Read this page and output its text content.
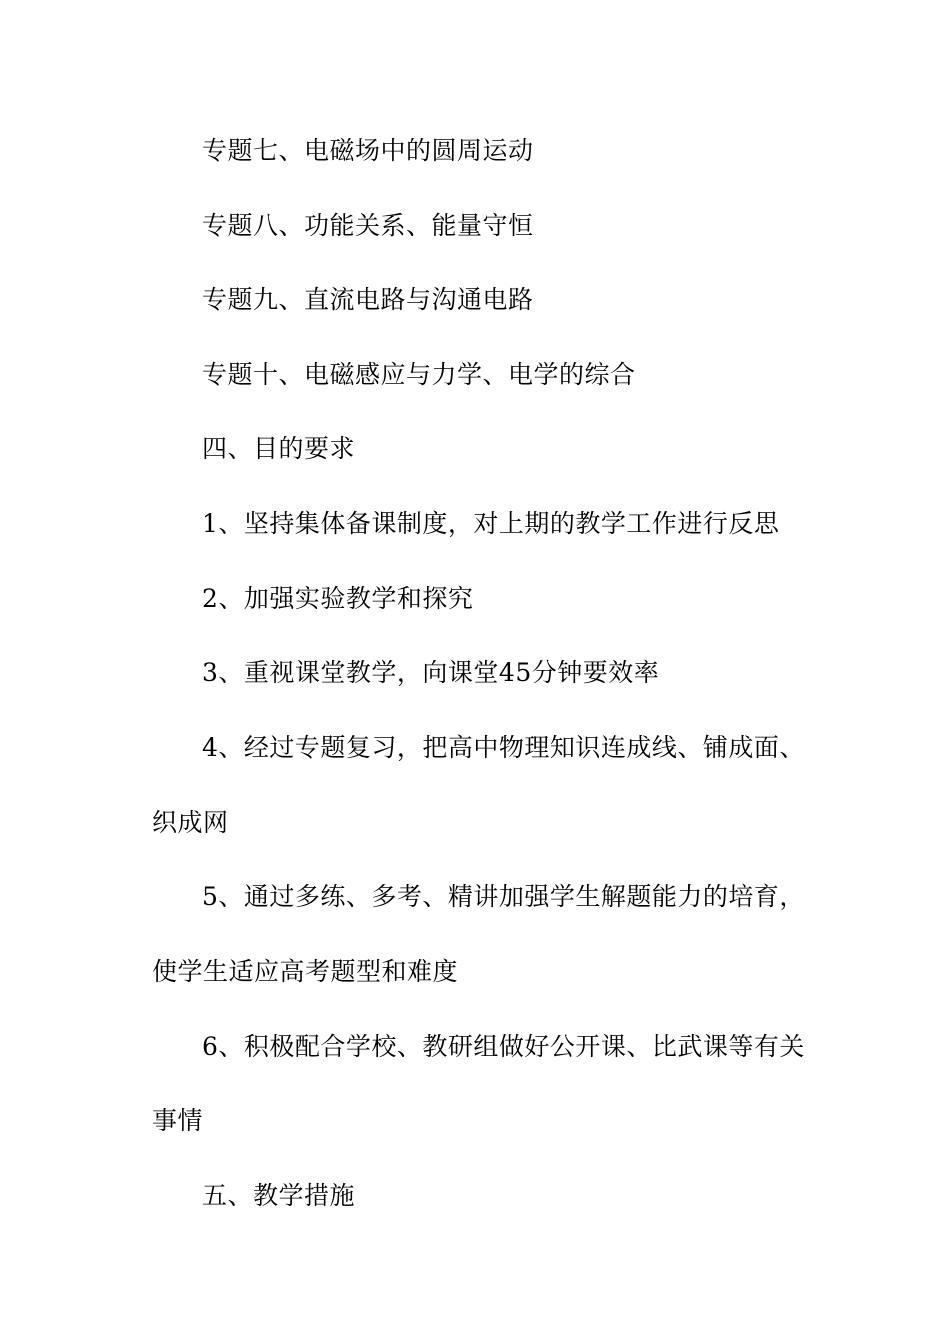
专题七、电磁场中的圆周运动
专题八、功能关系、能量守恒
专题九、直流电路与沟通电路
专题十、电磁感应与力学、电学的综合
四、目的要求
1、坚持集体备课制度，对上期的教学工作进行反思
2、加强实验教学和探究
3、重视课堂教学，向课堂45分钟要效率
4、经过专题复习，把高中物理知识连成线、铺成面、
织成网
5、通过多练、多考、精讲加强学生解题能力的培育，
使学生适应高考题型和难度
6、积极配合学校、教研组做好公开课、比武课等有关
事情
五、教学措施
